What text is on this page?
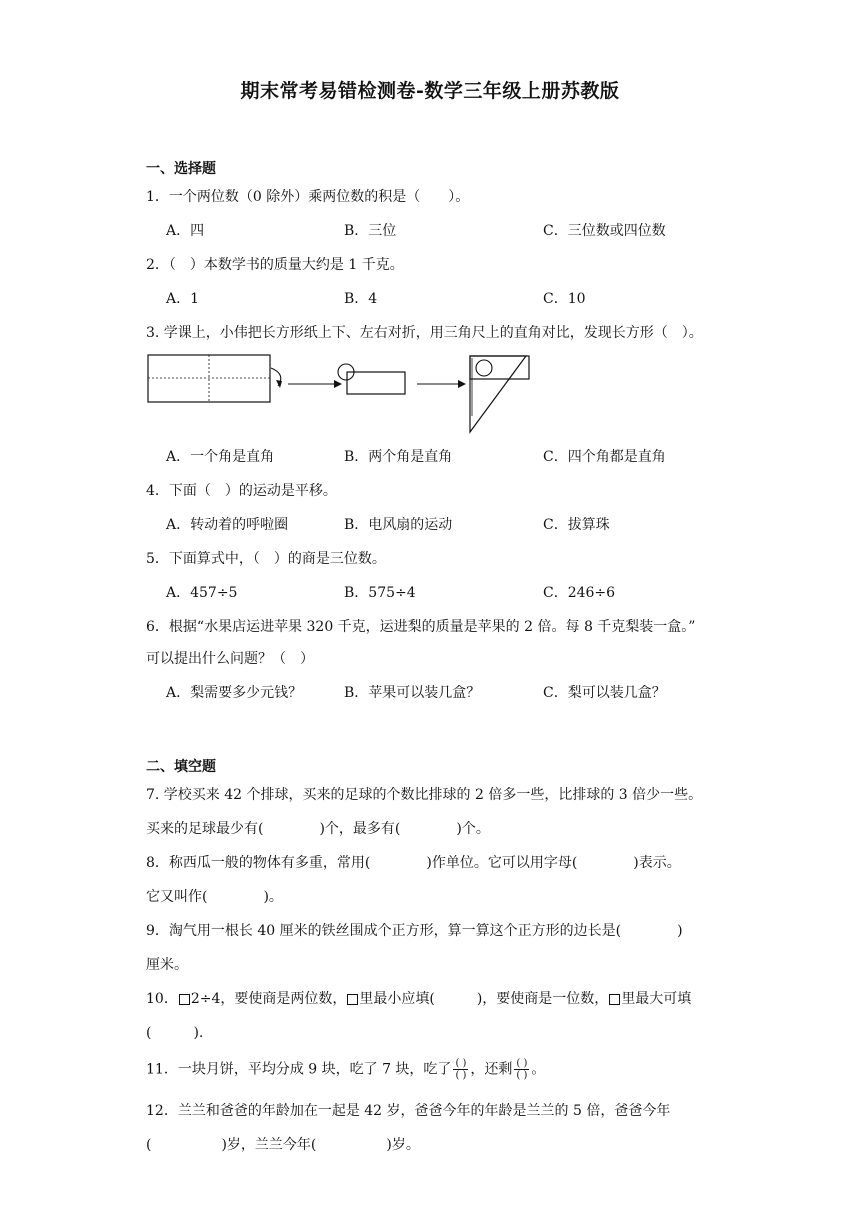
期末常考易错检测卷-数学三年级上册苏教版
一、选择题
1．一个两位数（0 除外）乘两位数的积是（　　）。
A．四	B．三位	C．三位数或四位数
2．（　）本数学书的质量大约是 1 千克。
A．1	B．4	C．10
3. 学课上，小伟把长方形纸上下、左右对折，用三角尺上的直角对比，发现长方形（　）。
A．一个角是直角	B．两个角是直角	C．四个角都是直角
4．下面（　）的运动是平移。
A．转动着的呼啦圈	B．电风扇的运动	C．拔算珠
5．下面算式中，（　）的商是三位数。
A．457÷5	B．575÷4	C．246÷6
6．根据“水果店运进苹果 320 千克，运进梨的质量是苹果的 2 倍。每 8 千克梨装一盒。”
可以提出什么问题？（　）
A．梨需要多少元钱？	B．苹果可以装几盒？	C．梨可以装几盒？
二、填空题
7. 学校买来 42 个排球，买来的足球的个数比排球的 2 倍多一些，比排球的 3 倍少一些。
买来的足球最少有(　　　　)个，最多有(　　　　)个。
8．称西瓜一般的物体有多重，常用(　　　　)作单位。它可以用字母(　　　　)表示。
它又叫作(　　　　)。
9．淘气用一根长 40 厘米的铁丝围成个正方形，算一算这个正方形的边长是(　　　　)
厘米。
10． 2÷4，要使商是两位数， 里最小应填(　　　)，要使商是一位数， 里最大可填
(　　　).
11．一块月饼，平均分成 9 块，吃了 7 块，吃了 $\frac{( )}{( )}$ ，还剩 $\frac{( )}{( )}$ 。
12．兰兰和爸爸的年龄加在一起是 42 岁，爸爸今年的年龄是兰兰的 5 倍，爸爸今年
(　　　　　)岁，兰兰今年(　　　　　)岁。
